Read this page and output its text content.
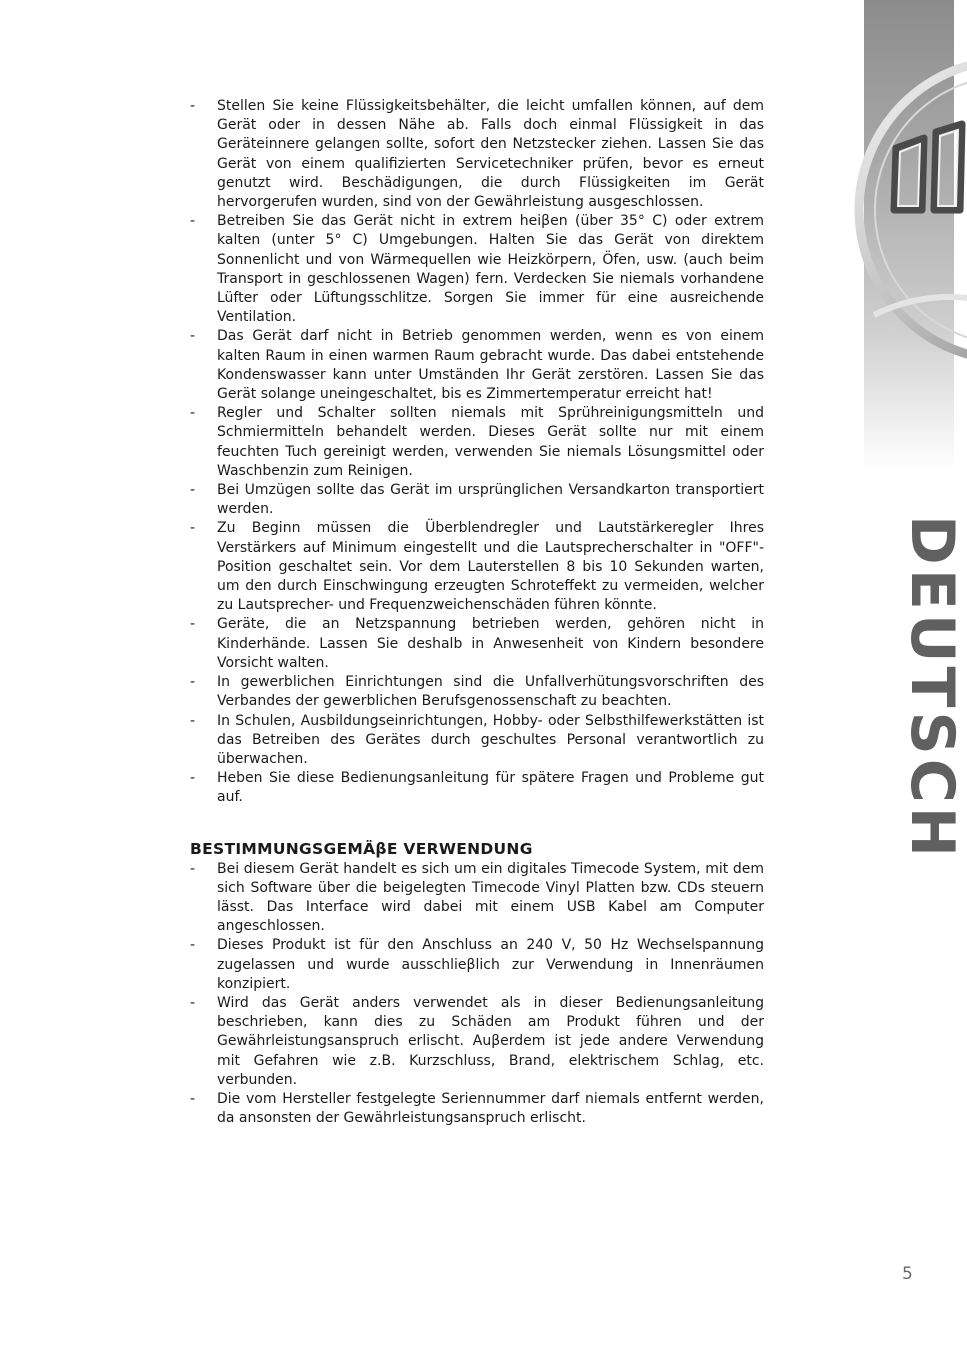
DEUTSCH
- Stellen Sie keine Flüssigkeitsbehälter, die leicht umfallen können, auf dem Gerät oder in dessen Nähe ab. Falls doch einmal Flüssigkeit in das Geräteinnere gelangen sollte, sofort den Netzstecker ziehen. Lassen Sie das Gerät von einem qualifizierten Servicetechniker prüfen, bevor es erneut genutzt wird. Beschädigungen, die durch Flüssigkeiten im Gerät hervorgerufen wurden, sind von der Gewährleistung ausgeschlossen.
- Betreiben Sie das Gerät nicht in extrem heiβen (über 35° C) oder extrem kalten (unter 5° C) Umgebungen. Halten Sie das Gerät von direktem Sonnenlicht und von Wärmequellen wie Heizkörpern, Öfen, usw. (auch beim Transport in geschlossenen Wagen) fern. Verdecken Sie niemals vorhandene Lüfter oder Lüftungsschlitze. Sorgen Sie immer für eine ausreichende Ventilation.
- Das Gerät darf nicht in Betrieb genommen werden, wenn es von einem kalten Raum in einen warmen Raum gebracht wurde. Das dabei entstehende Kondenswasser kann unter Umständen Ihr Gerät zerstören. Lassen Sie das Gerät solange uneingeschaltet, bis es Zimmertemperatur erreicht hat!
- Regler und Schalter sollten niemals mit Sprühreinigungsmitteln und Schmiermitteln behandelt werden. Dieses Gerät sollte nur mit einem feuchten Tuch gereinigt werden, verwenden Sie niemals Lösungsmittel oder Waschbenzin zum Reinigen.
- Bei Umzügen sollte das Gerät im ursprünglichen Versandkarton transportiert werden.
- Zu Beginn müssen die Überblendregler und Lautstärkeregler Ihres Verstärkers auf Minimum eingestellt und die Lautsprecherschalter in "OFF"-Position geschaltet sein. Vor dem Lauterstellen 8 bis 10 Sekunden warten, um den durch Einschwingung erzeugten Schroteffekt zu vermeiden, welcher zu Lautsprecher- und Frequenzweichenschäden führen könnte.
- Geräte, die an Netzspannung betrieben werden, gehören nicht in Kinderhände. Lassen Sie deshalb in Anwesenheit von Kindern besondere Vorsicht walten.
- In gewerblichen Einrichtungen sind die Unfallverhütungsvorschriften des Verbandes der gewerblichen Berufsgenossenschaft zu beachten.
- In Schulen, Ausbildungseinrichtungen, Hobby- oder Selbsthilfewerkstätten ist das Betreiben des Gerätes durch geschultes Personal verantwortlich zu überwachen.
- Heben Sie diese Bedienungsanleitung für spätere Fragen und Probleme gut auf.
BESTIMMUNGSGEMÄβE VERWENDUNG
- Bei diesem Gerät handelt es sich um ein digitales Timecode System, mit dem sich Software über die beigelegten Timecode Vinyl Platten bzw. CDs steuern lässt. Das Interface wird dabei mit einem USB Kabel am Computer angeschlossen.
- Dieses Produkt ist für den Anschluss an 240 V, 50 Hz Wechselspannung zugelassen und wurde ausschlieβlich zur Verwendung in Innenräumen konzipiert.
- Wird das Gerät anders verwendet als in dieser Bedienungsanleitung beschrieben, kann dies zu Schäden am Produkt führen und der Gewährleistungsanspruch erlischt. Auβerdem ist jede andere Verwendung mit Gefahren wie z.B. Kurzschluss, Brand, elektrischem Schlag, etc. verbunden.
- Die vom Hersteller festgelegte Seriennummer darf niemals entfernt werden, da ansonsten der Gewährleistungsanspruch erlischt.
5
